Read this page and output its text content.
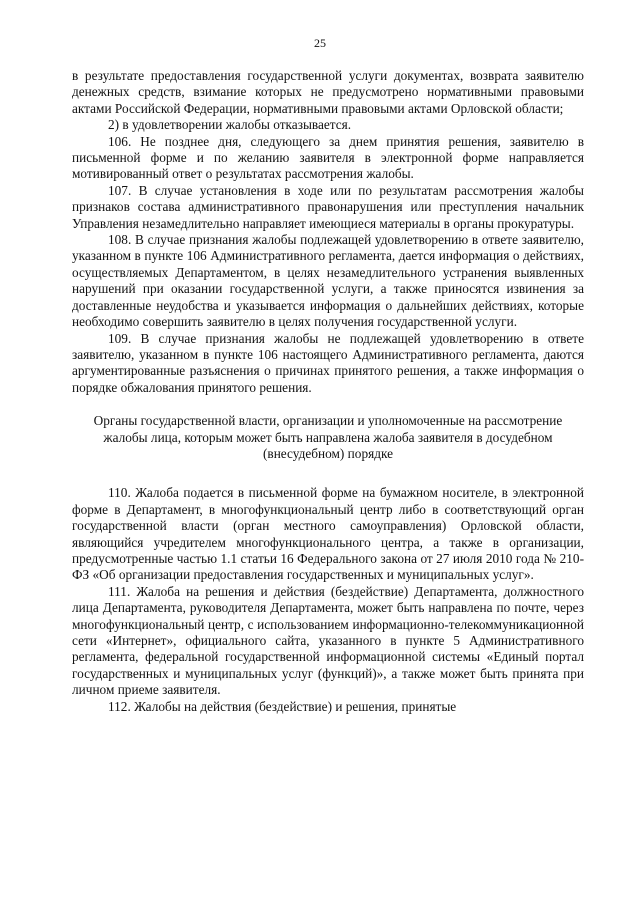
25

в результате предоставления государственной услуги документах, возврата заявителю денежных средств, взимание которых не предусмотрено нормативными правовыми актами Российской Федерации, нормативными правовыми актами Орловской области;

2) в удовлетворении жалобы отказывается.

106. Не позднее дня, следующего за днем принятия решения, заявителю в письменной форме и по желанию заявителя в электронной форме направляется мотивированный ответ о результатах рассмотрения жалобы.

107. В случае установления в ходе или по результатам рассмотрения жалобы признаков состава административного правонарушения или преступления начальник Управления незамедлительно направляет имеющиеся материалы в органы прокуратуры.

108. В случае признания жалобы подлежащей удовлетворению в ответе заявителю, указанном в пункте 106 Административного регламента, дается информация о действиях, осуществляемых Департаментом, в целях незамедлительного устранения выявленных нарушений при оказании государственной услуги, а также приносятся извинения за доставленные неудобства и указывается информация о дальнейших действиях, которые необходимо совершить заявителю в целях получения государственной услуги.

109. В случае признания жалобы не подлежащей удовлетворению в ответе заявителю, указанном в пункте 106 настоящего Административного регламента, даются аргументированные разъяснения о причинах принятого решения, а также информация о порядке обжалования принятого решения.

Органы государственной власти, организации и уполномоченные на рассмотрение жалобы лица, которым может быть направлена жалоба заявителя в досудебном (внесудебном) порядке

110. Жалоба подается в письменной форме на бумажном носителе, в электронной форме в Департамент, в многофункциональный центр либо в соответствующий орган государственной власти (орган местного самоуправления) Орловской области, являющийся учредителем многофункционального центра, а также в организации, предусмотренные частью 1.1 статьи 16 Федерального закона от 27 июля 2010 года № 210-ФЗ «Об организации предоставления государственных и муниципальных услуг».

111. Жалоба на решения и действия (бездействие) Департамента, должностного лица Департамента, руководителя Департамента, может быть направлена по почте, через многофункциональный центр, с использованием информационно-телекоммуникационной сети «Интернет», официального сайта, указанного в пункте 5 Административного регламента, федеральной государственной информационной системы «Единый портал государственных и муниципальных услуг (функций)», а также может быть принята при личном приеме заявителя.

112. Жалобы на действия (бездействие) и решения, принятые
